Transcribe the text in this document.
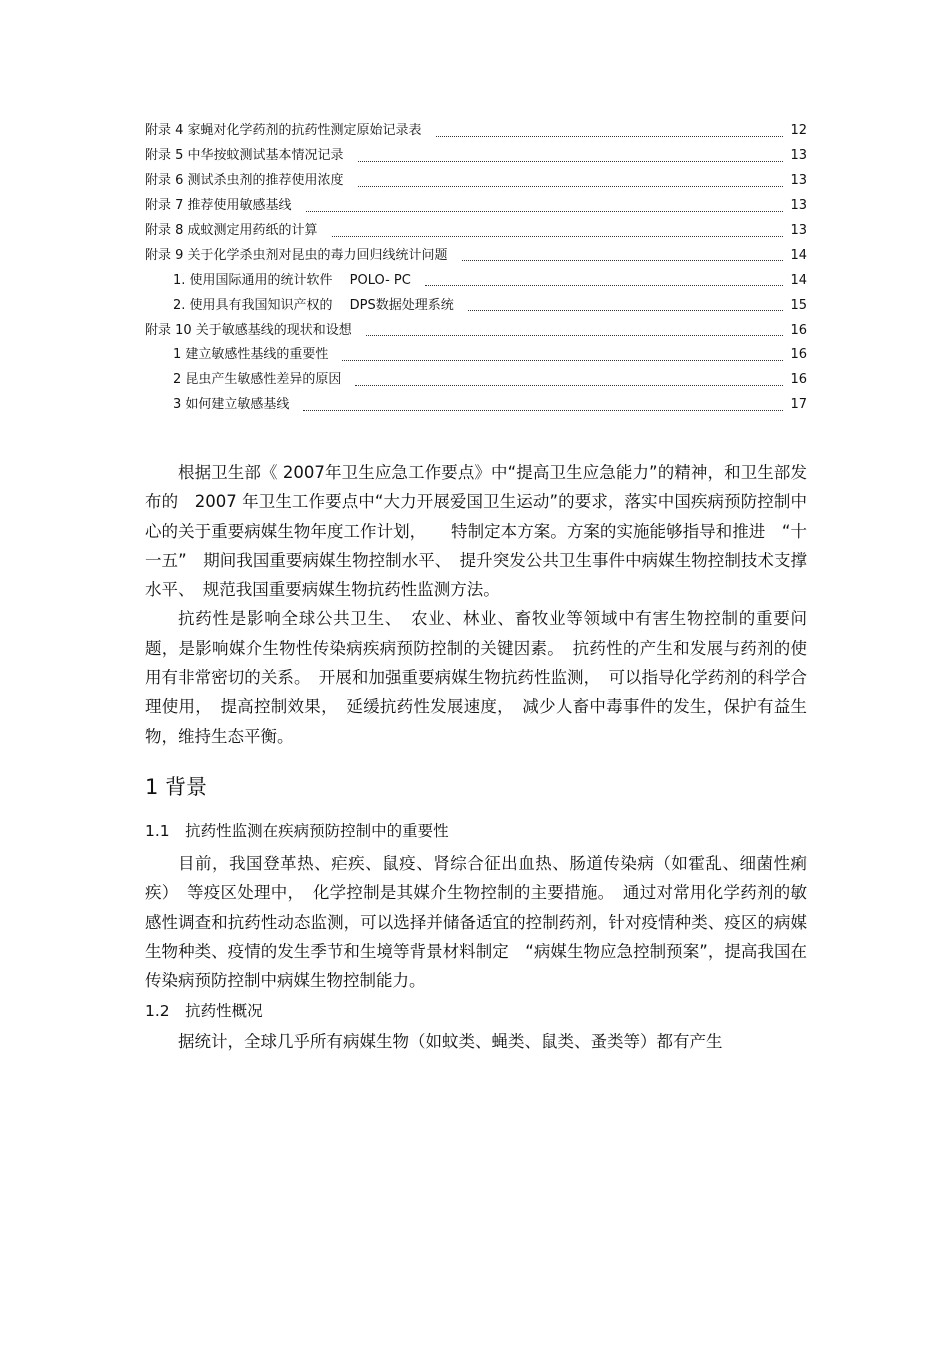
附录 4 家蝇对化学药剂的抗药性测定原始记录表	12
附录 5 中华按蚊测试基本情况记录	13
附录 6 测试杀虫剂的推荐使用浓度	13
附录 7 推荐使用敏感基线	13
附录 8 成蚊测定用药纸的计算	13
附录 9 关于化学杀虫剂对昆虫的毒力回归线统计问题	14
1. 使用国际通用的统计软件　 POLO- PC	14
2. 使用具有我国知识产权的　 DPS数据处理系统	15
附录 10 关于敏感基线的现状和设想	16
1 建立敏感性基线的重要性	16
2 昆虫产生敏感性差异的原因	16
3 如何建立敏感基线	17

根据卫生部《 2007年卫生应急工作要点》中“提高卫生应急能力”的精神，和卫生部发布的　2007 年卫生工作要点中“大力开展爱国卫生运动”的要求，落实中国疾病预防控制中心的关于重要病媒生物年度工作计划，　　特制定本方案。方案的实施能够指导和推进　“十一五”　期间我国重要病媒生物控制水平、　提升突发公共卫生事件中病媒生物控制技术支撑水平、　规范我国重要病媒生物抗药性监测方法。

抗药性是影响全球公共卫生、　农业、林业、畜牧业等领域中有害生物控制的重要问题，是影响媒介生物性传染病疾病预防控制的关键因素。　抗药性的产生和发展与药剂的使用有非常密切的关系。　开展和加强重要病媒生物抗药性监测，　可以指导化学药剂的科学合理使用，　提高控制效果，　延缓抗药性发展速度，　减少人畜中毒事件的发生，保护有益生物，维持生态平衡。

1 背景
1.1　抗药性监测在疾病预防控制中的重要性

目前，我国登革热、疟疾、鼠疫、肾综合征出血热、肠道传染病（如霍乱、细菌性痢疾）　等疫区处理中，　化学控制是其媒介生物控制的主要措施。　通过对常用化学药剂的敏感性调查和抗药性动态监测，可以选择并储备适宜的控制药剂，针对疫情种类、疫区的病媒生物种类、疫情的发生季节和生境等背景材料制定　“病媒生物应急控制预案”，提高我国在传染病预防控制中病媒生物控制能力。

1.2　抗药性概况

据统计，全球几乎所有病媒生物（如蚊类、蝇类、鼠类、蚤类等）都有产生
